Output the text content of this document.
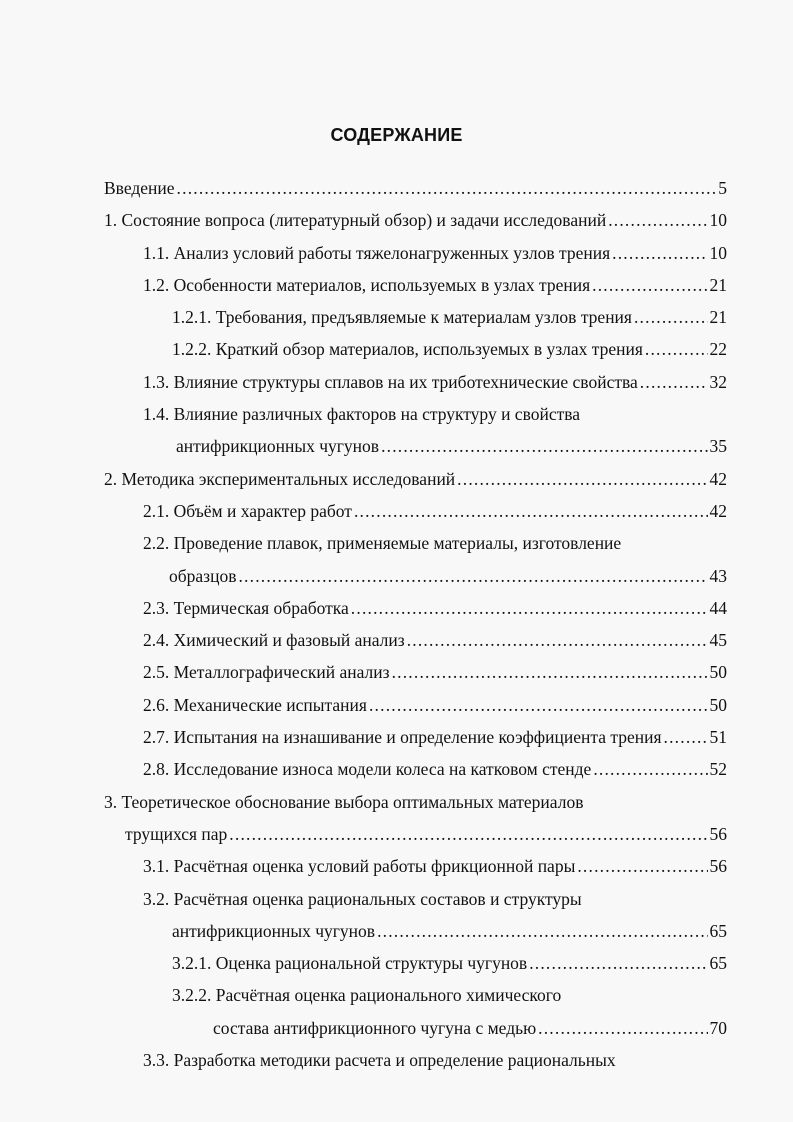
СОДЕРЖАНИЕ
Введение .....	5
1. Состояние вопроса (литературный обзор) и задачи исследований .....	10
1.1. Анализ условий работы тяжелонагруженных узлов трения .....	10
1.2. Особенности материалов, используемых в узлах трения .....	21
1.2.1. Требования, предъявляемые к материалам узлов трения .....	21
1.2.2. Краткий обзор материалов, используемых в узлах трения .....	22
1.3. Влияние структуры сплавов на их триботехнические свойства .....	32
1.4. Влияние различных факторов на структуру и свойства
антифрикционных чугунов .....	35
2. Методика экспериментальных исследований .....	42
2.1. Объём и характер работ .....	42
2.2. Проведение плавок, применяемые материалы, изготовление
образцов .....	43
2.3. Термическая обработка .....	44
2.4. Химический и фазовый анализ .....	45
2.5. Металлографический анализ .....	50
2.6. Механические испытания .....	50
2.7. Испытания на изнашивание и определение коэффициента трения .....	51
2.8. Исследование износа модели колеса на катковом стенде .....	52
3. Теоретическое обоснование выбора оптимальных материалов
трущихся пар .....	56
3.1. Расчётная оценка условий работы фрикционной пары .....	56
3.2. Расчётная оценка рациональных составов и структуры
антифрикционных чугунов .....	65
3.2.1. Оценка рациональной структуры чугунов .....	65
3.2.2. Расчётная оценка рационального химического
состава антифрикционного чугуна с медью .....	70
3.3. Разработка методики расчета и определение рациональных
